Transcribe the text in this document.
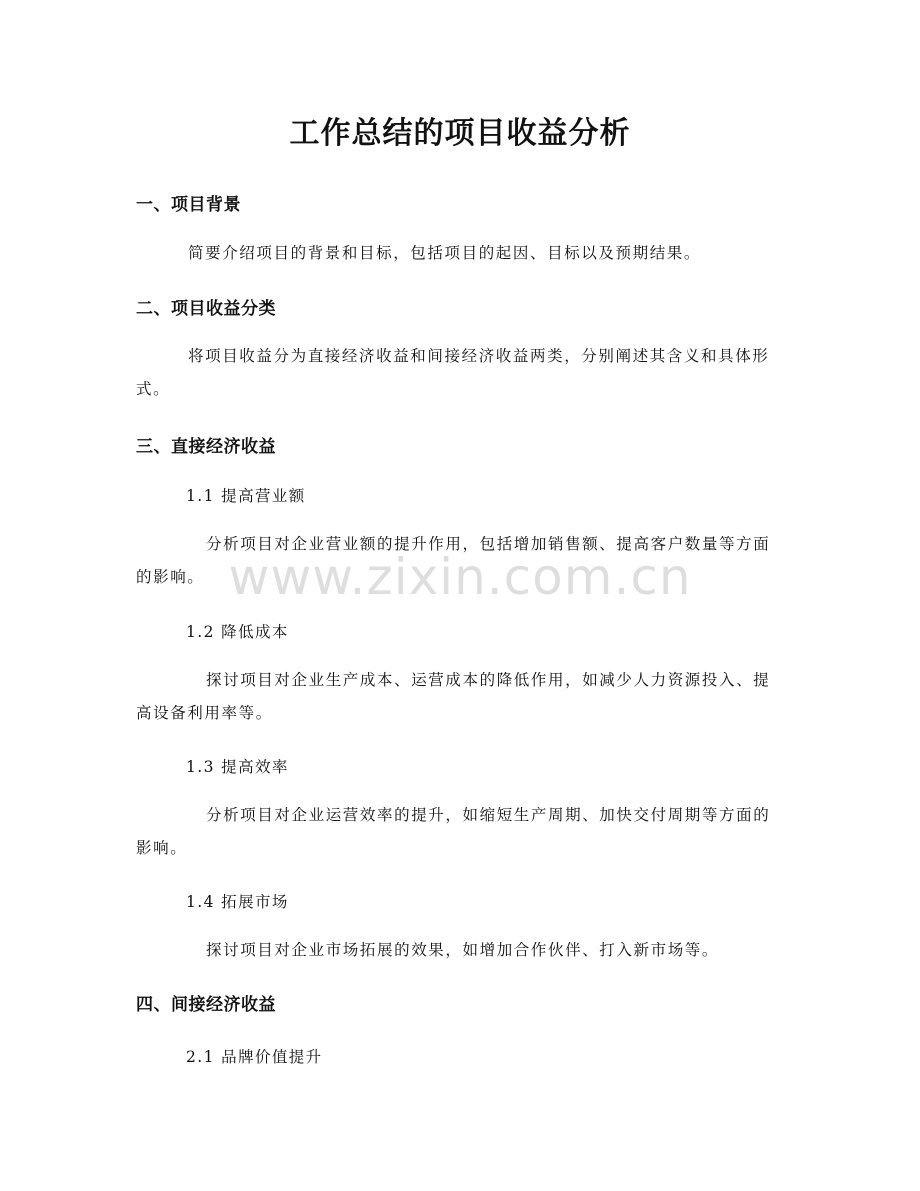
工作总结的项目收益分析
一、项目背景

简要介绍项目的背景和目标，包括项目的起因、目标以及预期结果。

二、项目收益分类

将项目收益分为直接经济收益和间接经济收益两类，分别阐述其含义和具体形式。

三、直接经济收益
1.1 提高营业额

分析项目对企业营业额的提升作用，包括增加销售额、提高客户数量等方面的影响。

1.2 降低成本

探讨项目对企业生产成本、运营成本的降低作用，如减少人力资源投入、提高设备利用率等。

1.3 提高效率

分析项目对企业运营效率的提升，如缩短生产周期、加快交付周期等方面的影响。

1.4 拓展市场

探讨项目对企业市场拓展的效果，如增加合作伙伴、打入新市场等。

四、间接经济收益
2.1 品牌价值提升
www.zixin.com.cn
